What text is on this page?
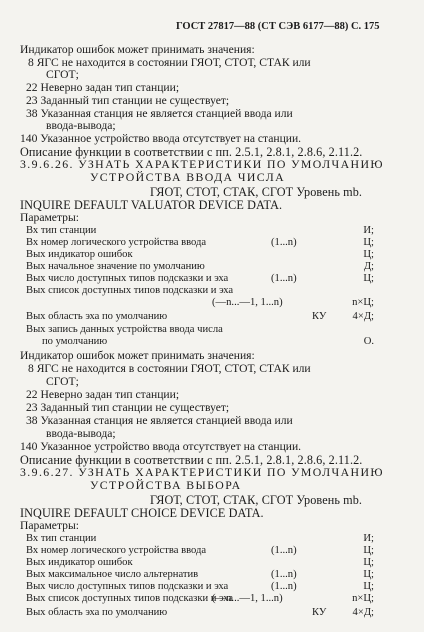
ГОСТ 27817—88 (СТ СЭВ 6177—88) С. 175
Индикатор ошибок может принимать значения:
8 ЯГС не находится в состоянии ГЯОТ, СТОТ, СТАК или
СГОТ;
22 Неверно задан тип станции;
23 Заданный тип станции не существует;
38 Указанная станция не является станцией ввода или
ввода-вывода;
140 Указанное устройство ввода отсутствует на станции.
Описание функции в соответствии с пп. 2.5.1, 2.8.1, 2.8.6, 2.11.2.
3.9.6.26. УЗНАТЬ ХАРАКТЕРИСТИКИ ПО УМОЛЧАНИЮ
УСТРОЙСТВА ВВОДА ЧИСЛА
ГЯОТ, СТОТ, СТАК, СГОТ Уровень mb.
INQUIRE DEFAULT VALUATOR DEVICE DATA.
Параметры:
Вх тип станции	И;
Вх номер логического устройства ввода	(1...n)	Ц;
Вых индикатор ошибок	Ц;
Вых начальное значение по умолчанию	Д;
Вых число доступных типов подсказки и эха	(1...n)	Ц;
Вых список доступных типов подсказки и эха
(—n...—1, 1...n)	n×Ц;
Вых область эха по умолчанию	КУ	4×Д;
Вых запись данных устройства ввода числа
по умолчанию	О.
Индикатор ошибок может принимать значения:
8 ЯГС не находится в состоянии ГЯОТ, СТОТ, СТАК или
СГОТ;
22 Неверно задан тип станции;
23 Заданный тип станции не существует;
38 Указанная станция не является станцией ввода или
ввода-вывода;
140 Указанное устройство ввода отсутствует на станции.
Описание функции в соответствии с пп. 2.5.1, 2.8.1, 2.8.6, 2.11.2.
3.9.6.27. УЗНАТЬ ХАРАКТЕРИСТИКИ ПО УМОЛЧАНИЮ
УСТРОЙСТВА ВЫБОРА
ГЯОТ, СТОТ, СТАК, СГОТ Уровень mb.
INQUIRE DEFAULT CHOICE DEVICE DATA.
Параметры:
Вх тип станции	И;
Вх номер логического устройства ввода	(1...n)	Ц;
Вых индикатор ошибок	Ц;
Вых максимальное число альтернатив	(1...n)	Ц;
Вых число доступных типов подсказки и эха	(1...n)	Ц;
Вых список доступных типов подсказки и эха
(—n...—1, 1...n)	n×Ц;
Вых область эха по умолчанию	КУ	4×Д;
